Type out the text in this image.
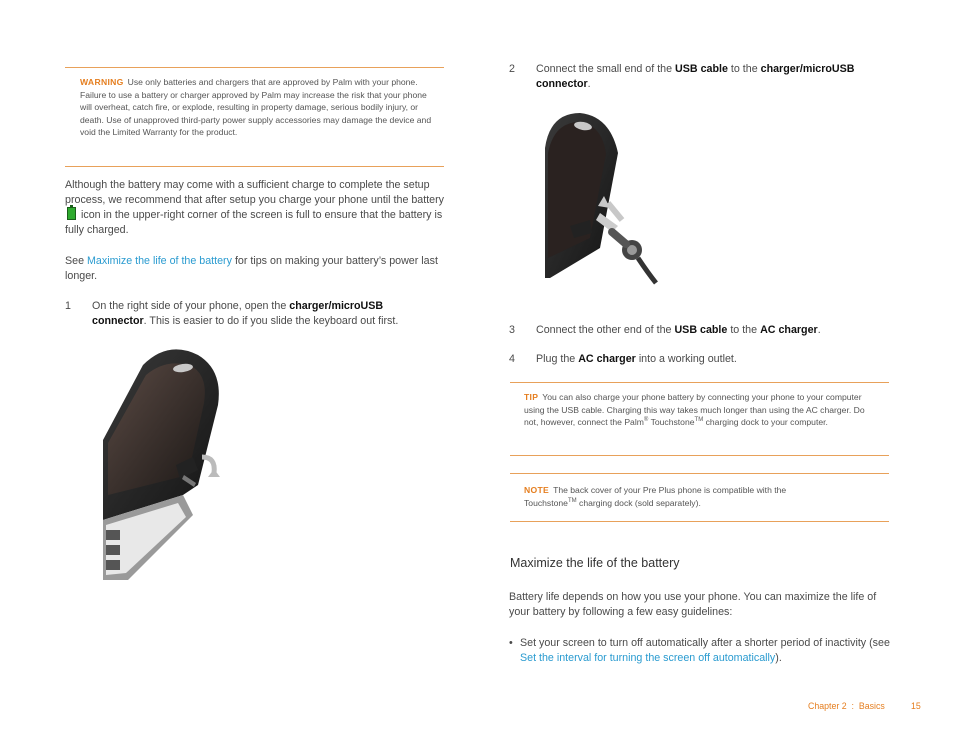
WARNING Use only batteries and chargers that are approved by Palm with your phone. Failure to use a battery or charger approved by Palm may increase the risk that your phone will overheat, catch fire, or explode, resulting in property damage, serious bodily injury, or death. Use of unapproved third-party power supply accessories may damage the device and void the Limited Warranty for the product.
Although the battery may come with a sufficient charge to complete the setup process, we recommend that after setup you charge your phone until the battery  icon in the upper-right corner of the screen is full to ensure that the battery is fully charged.
See Maximize the life of the battery for tips on making your battery’s power last longer.
1 On the right side of your phone, open the charger/microUSB connector. This is easier to do if you slide the keyboard out first.
2 Connect the small end of the USB cable to the charger/microUSB connector.
3 Connect the other end of the USB cable to the AC charger.
4 Plug the AC charger into a working outlet.
TIP You can also charge your phone battery by connecting your phone to your computer using the USB cable. Charging this way takes much longer than using the AC charger. Do not, however, connect the Palm® Touchstone™ charging dock to your computer.
NOTE The back cover of your Pre Plus phone is compatible with the Touchstone™ charging dock (sold separately).
Maximize the life of the battery
Battery life depends on how you use your phone. You can maximize the life of your battery by following a few easy guidelines:
• Set your screen to turn off automatically after a shorter period of inactivity (see Set the interval for turning the screen off automatically).
Chapter 2 : Basics	15
